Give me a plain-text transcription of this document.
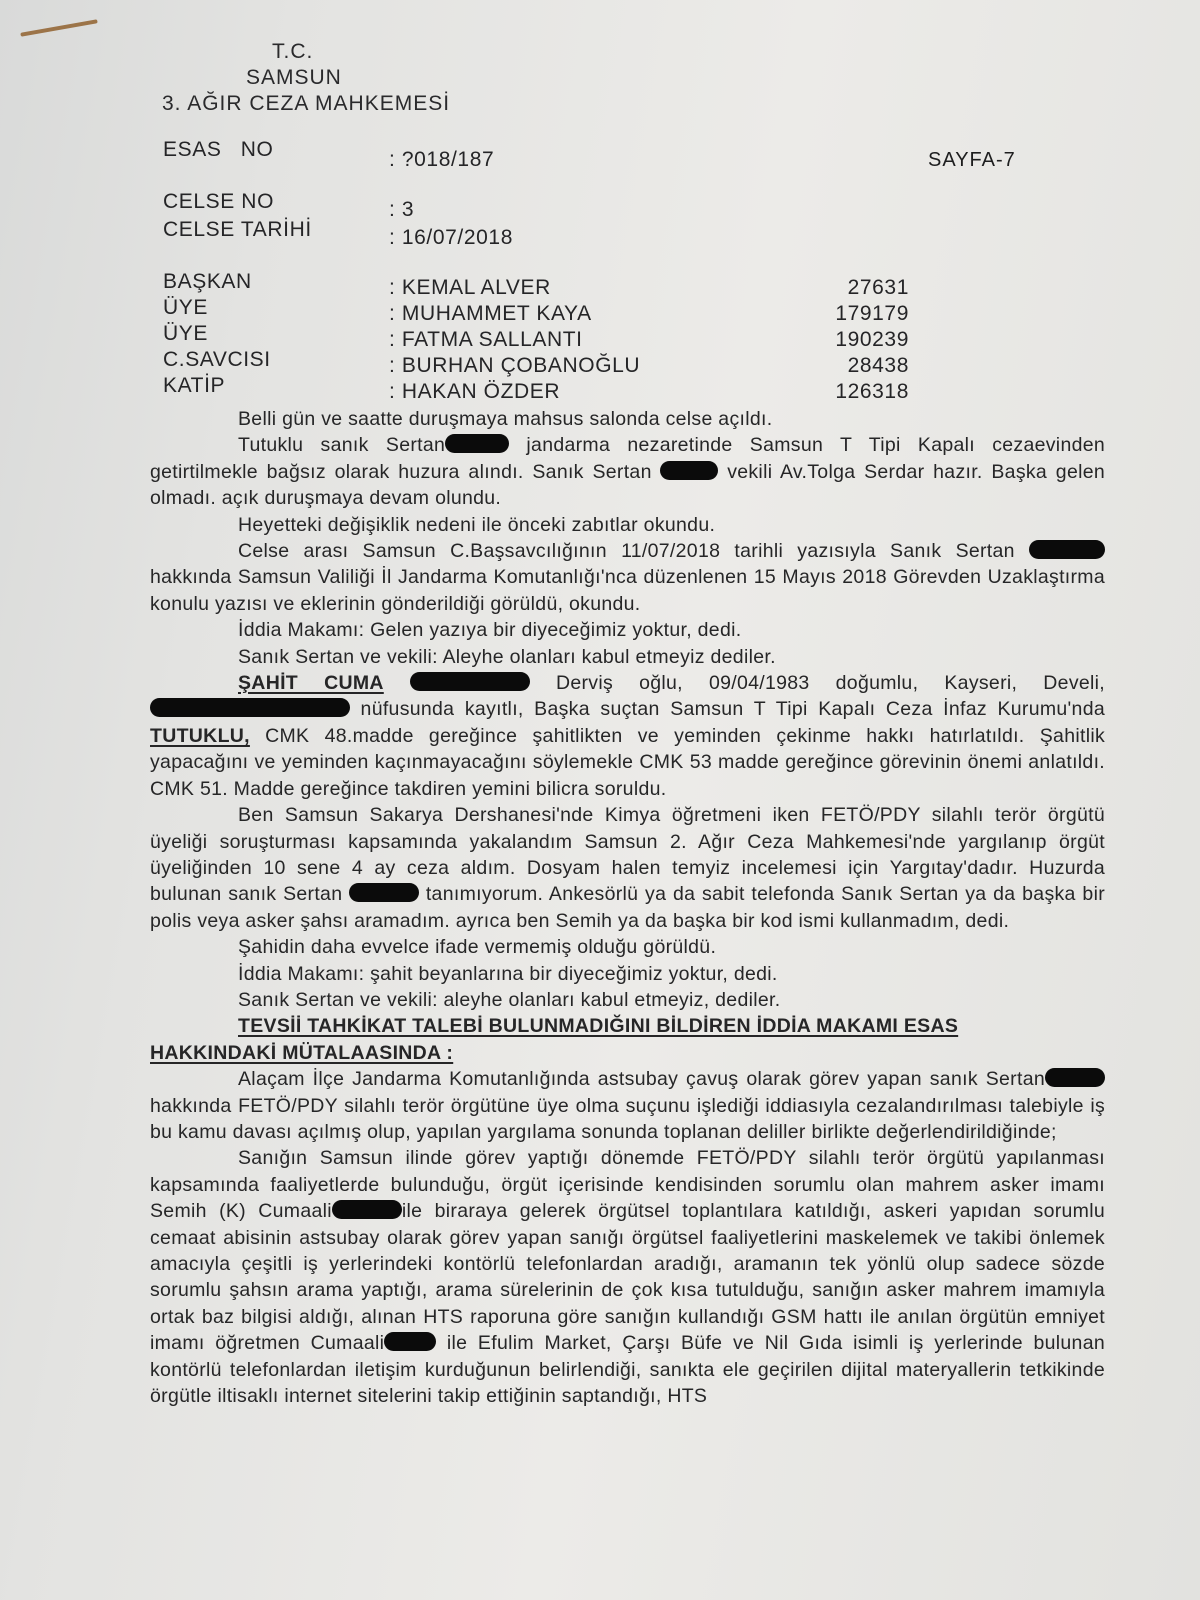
T.C.
SAMSUN
3. AĞIR CEZA MAHKEMESİ
ESAS   NO	: ?018/187	SAYFA-7
CELSE NO	: 3
CELSE TARİHİ	: 16/07/2018
BAŞKAN	: KEMAL ALVER	27631
ÜYE	: MUHAMMET KAYA	179179
ÜYE	: FATMA SALLANTI	190239
C.SAVCISI	: BURHAN ÇOBANOĞLU	28438
KATİP	: HAKAN ÖZDER	126318

Belli gün ve saatte duruşmaya mahsus salonda celse açıldı.

Tutuklu sanık Sertan	jandarma nezaretinde Samsun T Tipi Kapalı cezaevinden getirtilmekle bağsız olarak huzura alındı. Sanık Sertan	vekili Av.Tolga Serdar hazır. Başka gelen olmadı. açık duruşmaya devam olundu.

Heyetteki değişiklik nedeni ile önceki zabıtlar okundu.

Celse arası Samsun C.Başsavcılığının 11/07/2018 tarihli yazısıyla Sanık Sertan  hakkında Samsun Valiliği İl Jandarma Komutanlığı'nca düzenlenen 15 Mayıs 2018 Görevden Uzaklaştırma konulu yazısı ve eklerinin gönderildiği görüldü, okundu.

İddia Makamı: Gelen yazıya bir diyeceğimiz yoktur, dedi.

Sanık Sertan ve vekili: Aleyhe olanları kabul etmeyiz dediler.

ŞAHİT CUMA	Derviş oğlu, 09/04/1983 doğumlu, Kayseri, Develi,  nüfusunda kayıtlı, Başka suçtan Samsun T Tipi Kapalı Ceza İnfaz Kurumu'nda TUTUKLU, CMK 48.madde gereğince şahitlikten ve yeminden çekinme hakkı hatırlatıldı. Şahitlik yapacağını ve yeminden kaçınmayacağını söylemekle CMK 53 madde gereğince görevinin önemi anlatıldı. CMK 51. Madde gereğince takdiren yemini bilicra soruldu.

Ben Samsun Sakarya Dershanesi'nde Kimya öğretmeni iken FETÖ/PDY silahlı terör örgütü üyeliği soruşturması kapsamında yakalandım Samsun 2. Ağır Ceza Mahkemesi'nde yargılanıp örgüt üyeliğinden 10 sene 4 ay ceza aldım. Dosyam halen temyiz incelemesi için Yargıtay'dadır. Huzurda bulunan sanık Sertan	tanımıyorum. Ankesörlü ya da sabit telefonda Sanık Sertan ya da başka bir polis veya asker şahsı aramadım. ayrıca ben Semih ya da başka bir kod ismi kullanmadım, dedi.

Şahidin daha evvelce ifade vermemiş olduğu görüldü.

İddia Makamı: şahit beyanlarına bir diyeceğimiz yoktur, dedi.

Sanık Sertan ve vekili: aleyhe olanları kabul etmeyiz, dediler.

TEVSİİ TAHKİKAT TALEBİ BULUNMADIĞINI BİLDİREN İDDİA MAKAMI ESAS

HAKKINDAKİ MÜTALAASINDA :

Alaçam İlçe Jandarma Komutanlığında astsubay çavuş olarak görev yapan sanık Sertan hakkında FETÖ/PDY silahlı terör örgütüne üye olma suçunu işlediği iddiasıyla cezalandırılması talebiyle iş bu kamu davası açılmış olup, yapılan yargılama sonunda toplanan deliller birlikte değerlendirildiğinde;

Sanığın Samsun ilinde görev yaptığı dönemde FETÖ/PDY silahlı terör örgütü yapılanması kapsamında faaliyetlerde bulunduğu, örgüt içerisinde kendisinden sorumlu olan mahrem asker imamı Semih (K) Cumaali	ile biraraya gelerek örgütsel toplantılara katıldığı, askeri yapıdan sorumlu cemaat abisinin astsubay olarak görev yapan sanığı örgütsel faaliyetlerini maskelemek ve takibi önlemek amacıyla çeşitli iş yerlerindeki kontörlü telefonlardan aradığı, aramanın tek yönlü olup sadece sözde sorumlu şahsın arama yaptığı, arama sürelerinin de çok kısa tutulduğu, sanığın asker mahrem imamıyla ortak baz bilgisi aldığı, alınan HTS raporuna göre sanığın kullandığı GSM hattı ile anılan örgütün emniyet imamı öğretmen Cumaali	ile Efulim Market, Çarşı Büfe ve Nil Gıda isimli iş yerlerinde bulunan kontörlü telefonlardan iletişim kurduğunun belirlendiği, sanıkta ele geçirilen dijital materyallerin tetkikinde örgütle iltisaklı internet sitelerini takip ettiğinin saptandığı, HTS
